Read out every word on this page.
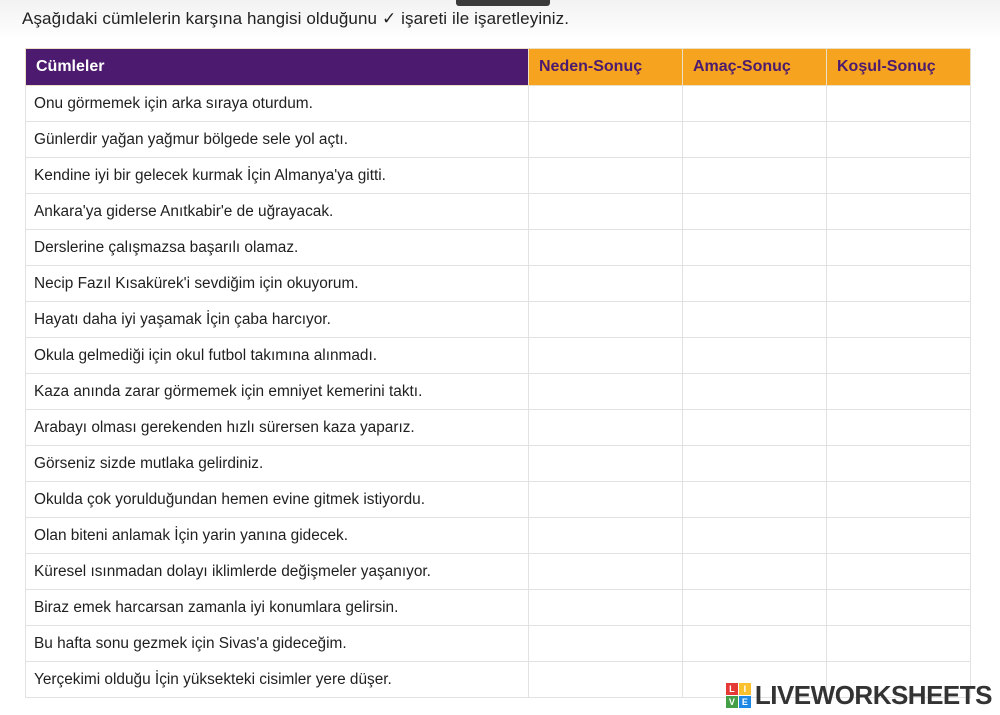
Aşağıdaki cümlelerin karşına hangisi olduğunu ✓ işareti ile işaretleyiniz.
Cümleler	Neden-Sonuç	Amaç-Sonuç	Koşul-Sonuç
Onu görmemek için arka sıraya oturdum.			
Günlerdir yağan yağmur bölgede sele yol açtı.			
Kendine iyi bir gelecek kurmak İçin Almanya'ya gitti.			
Ankara'ya giderse Anıtkabir'e de uğrayacak.			
Derslerine çalışmazsa başarılı olamaz.			
Necip Fazıl Kısakürek'i sevdiğim için okuyorum.			
Hayatı daha iyi yaşamak İçin çaba harcıyor.			
Okula gelmediği için okul futbol takımına alınmadı.			
Kaza anında zarar görmemek için emniyet kemerini taktı.			
Arabayı olması gerekenden hızlı sürersen kaza yaparız.			
Görseniz sizde mutlaka gelirdiniz.			
Okulda çok yorulduğundan hemen evine gitmek istiyordu.			
Olan biteni anlamak İçin yarin yanına gidecek.			
Küresel ısınmadan dolayı iklimlerde değişmeler yaşanıyor.			
Biraz emek harcarsan zamanla iyi konumlara gelirsin.			
Bu hafta sonu gezmek için Sivas'a gideceğim.			
Yerçekimi olduğu İçin yüksekteki cisimler yere düşer.			
L I
V E LIVEWORKSHEETS
